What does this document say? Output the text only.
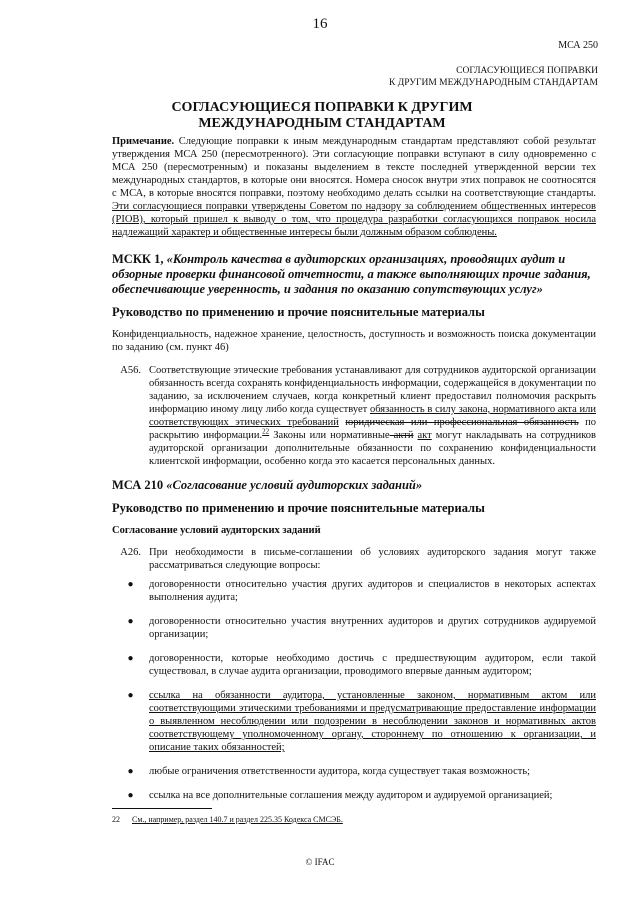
16
МСА 250
СОГЛАСУЮЩИЕСЯ ПОПРАВКИ
К ДРУГИМ МЕЖДУНАРОДНЫМ СТАНДАРТАМ
СОГЛАСУЮЩИЕСЯ ПОПРАВКИ К ДРУГИМ МЕЖДУНАРОДНЫМ СТАНДАРТАМ

Примечание. Следующие поправки к иным международным стандартам представляют собой результат утверждения МСА 250 (пересмотренного). Эти согласующие поправки вступают в силу одновременно с МСА 250 (пересмотренным) и показаны выделением в тексте последней утвержденной версии тех международных стандартов, в которые они вносятся. Номера сносок внутри этих поправок не соотносятся с МСА, в которые вносятся поправки, поэтому необходимо делать ссылки на соответствующие стандарты. Эти согласующиеся поправки утверждены Советом по надзору за соблюдением общественных интересов (PIOB), который пришел к выводу о том, что процедура разработки согласующихся поправок носила надлежащий характер и общественные интересы были должным образом соблюдены.

МСКК 1, «Контроль качества в аудиторских организациях, проводящих аудит и обзорные проверки финансовой отчетности, а также выполняющих прочие задания, обеспечивающие уверенность, и задания по оказанию сопутствующих услуг»
Руководство по применению и прочие пояснительные материалы

Конфиденциальность, надежное хранение, целостность, доступность и возможность поиска документации по заданию (см. пункт 46)

А56. Соответствующие этические требования устанавливают для сотрудников аудиторской организации обязанность всегда сохранять конфиденциальность информации, содержащейся в документации по заданию, за исключением случаев, когда конкретный клиент предоставил полномочия раскрыть информацию иному лицу либо когда существует обязанность в силу закона, нормативного акта или соответствующих этических требований юридическая или профессиональная обязанность по раскрытию информации.$^{22}$ Законы или нормативные актй акт могут накладывать на сотрудников аудиторской организации дополнительные обязанности по сохранению конфиденциальности клиентской информации, особенно когда это касается персональных данных.
МСА 210 «Согласование условий аудиторских заданий»
Руководство по применению и прочие пояснительные материалы
Согласование условий аудиторских заданий
А26. При необходимости в письме-соглашении об условиях аудиторского задания могут также рассматриваться следующие вопросы:
●	договоренности относительно участия других аудиторов и специалистов в некоторых аспектах выполнения аудита;
●	договоренности относительно участия внутренних аудиторов и других сотрудников аудируемой организации;
●	договоренности, которые необходимо достичь с предшествующим аудитором, если такой существовал, в случае аудита организации, проводимого впервые данным аудитором;
●	ссылка на обязанности аудитора, установленные законом, нормативным актом или соответствующими этическими требованиями и предусматривающие предоставление информации о выявленном несоблюдении или подозрении в несоблюдении законов и нормативных актов соответствующему уполномоченному органу, стороннему по отношению к организации, и описание таких обязанностей;
●	любые ограничения ответственности аудитора, когда существует такая возможность;
●	ссылка на все дополнительные соглашения между аудитором и аудируемой организацией;
22	См., например, раздел 140.7 и раздел 225.35 Кодекса СМСЭБ.
© IFAC
